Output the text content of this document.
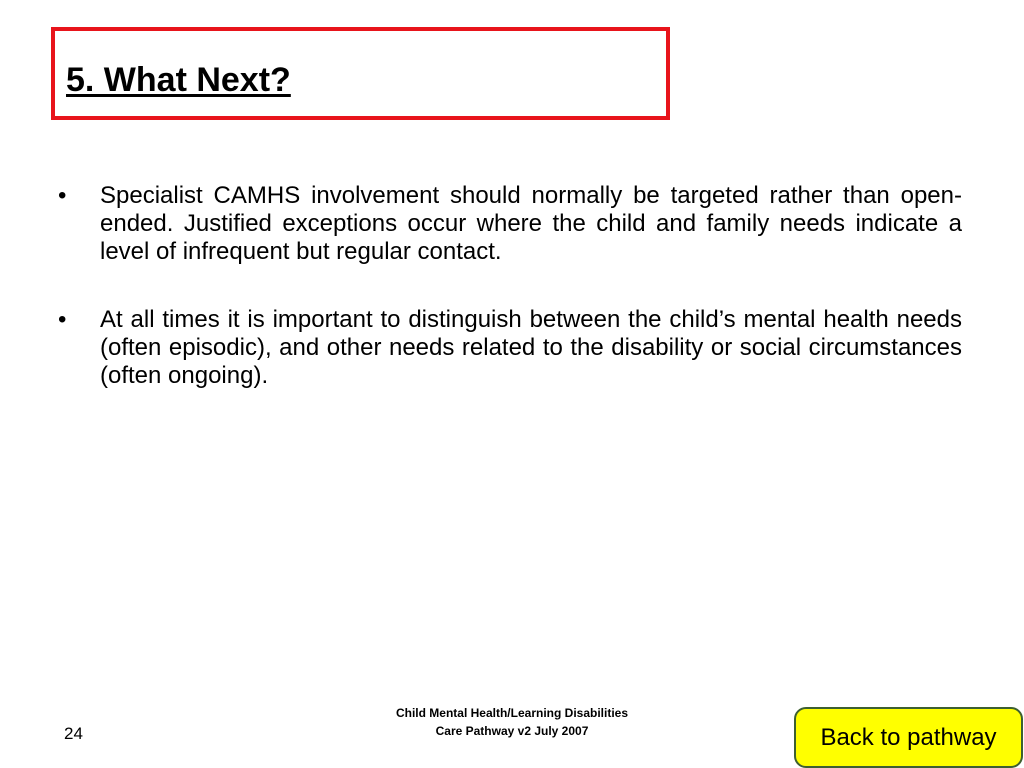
5. What Next?
•	Specialist CAMHS involvement should normally be targeted rather than open-ended. Justified exceptions occur where the child and family needs indicate a level of infrequent but regular contact.
•	At all times it is important to distinguish between the child’s mental health needs (often episodic), and other needs related to the disability or social circumstances (often ongoing).
24
Child Mental Health/Learning Disabilities
Care Pathway v2 July 2007	Back to pathway
